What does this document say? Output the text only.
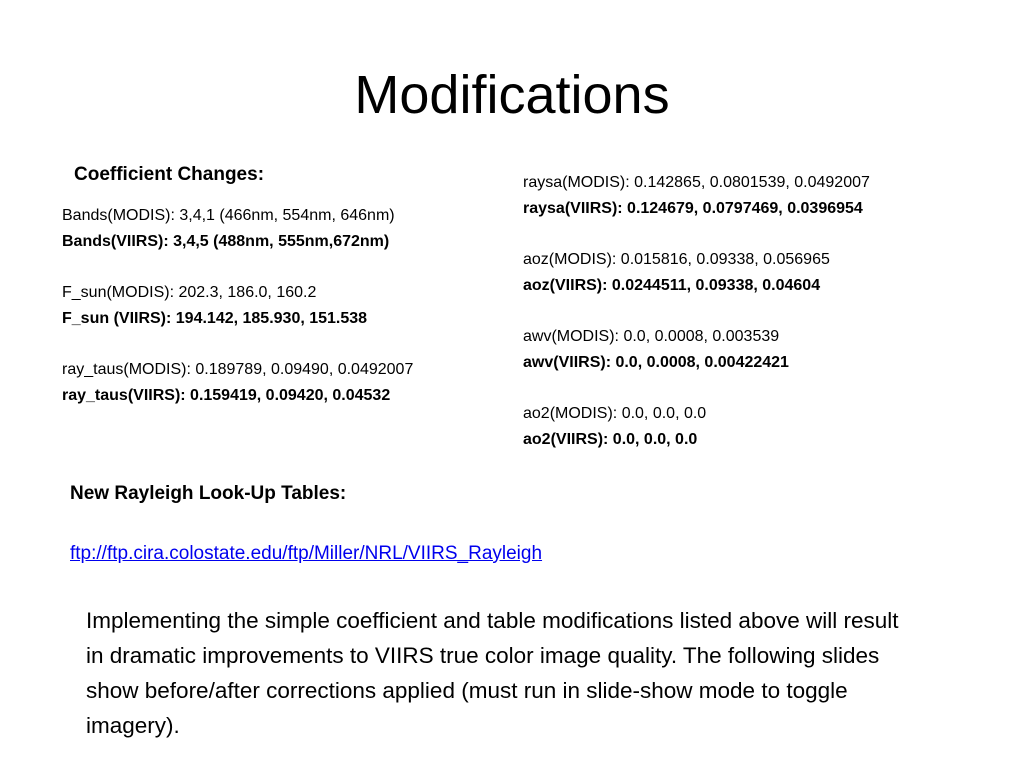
Modifications
Coefficient Changes:
Bands(MODIS): 3,4,1 (466nm, 554nm, 646nm)
Bands(VIIRS): 3,4,5 (488nm, 555nm,672nm)
F_sun(MODIS): 202.3, 186.0, 160.2
F_sun (VIIRS): 194.142, 185.930, 151.538
ray_taus(MODIS): 0.189789, 0.09490, 0.0492007
ray_taus(VIIRS): 0.159419, 0.09420, 0.04532
raysa(MODIS): 0.142865, 0.0801539, 0.0492007
raysa(VIIRS): 0.124679, 0.0797469, 0.0396954
aoz(MODIS): 0.015816, 0.09338, 0.056965
aoz(VIIRS): 0.0244511, 0.09338, 0.04604
awv(MODIS): 0.0, 0.0008, 0.003539
awv(VIIRS): 0.0, 0.0008, 0.00422421
ao2(MODIS): 0.0, 0.0, 0.0
ao2(VIIRS): 0.0, 0.0, 0.0
New Rayleigh Look-Up Tables:
ftp://ftp.cira.colostate.edu/ftp/Miller/NRL/VIIRS_Rayleigh

Implementing the simple coefficient and table modifications listed above will result in dramatic improvements to VIIRS true color image quality. The following slides show before/after corrections applied (must run in slide-show mode to toggle imagery).
